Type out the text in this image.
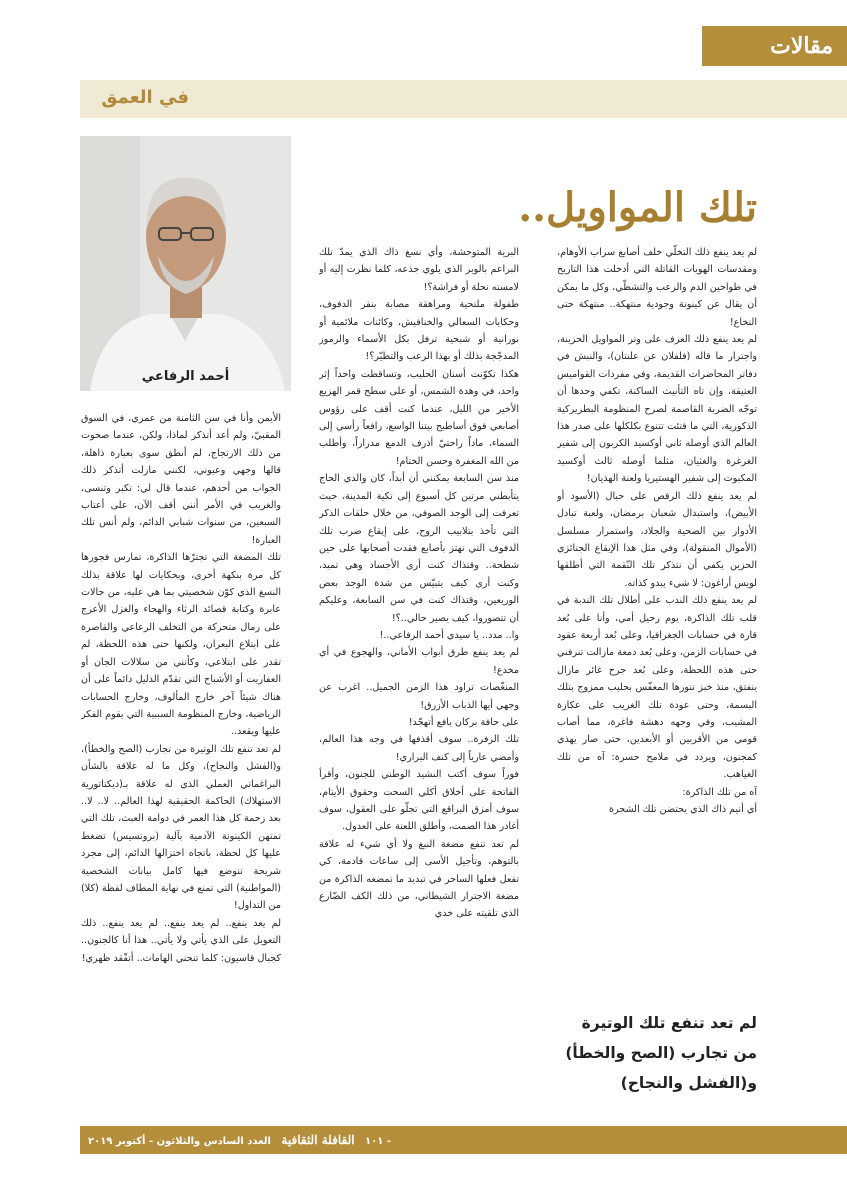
مقالات
في العمق
أحمد الرفاعي
تلك المواويل..

لم يعد ينفع ذلك التخلّي خلف أصابع سراب الأوهام، ومقدسات الهويات القاتلة التي أدخلت هذا التاريخ في طواحين الدم والرعب والتشظّي، وكل ما يمكن أن يقال عن كينونة وجودية منتهكة.. منتهكة حتى النخاع!

لم يعد ينفع ذلك العزف على وتر المواويل الحزينة، واجترار ما قاله (فلفلان عن علنتان)، والنبش في دفاتر المحاضرات القديمة، وفي مفردات القواميس العتيقة، وإن تاه التأنيث الساكنة، تكفي وحدها أن توجّه الضربة القاصمة لصرح المنظومة البطريركية الذكورية، التي ما فتئت تتنوع بكلكلها على صدر هذا العالم الذي أوصله ثاني أوكسيد الكربون إلى شفير الغرغرة والغثيان، مثلما أوصله ثالث أوكسيد المكبوت إلى شفير الهستيريا ولعنة الهذيان!

لم يعد ينفع ذلك الرقص على حبال (الأسود أو الأبيض)، واستبدال شعبان برمضان، ولعبة تبادل الأدوار بين الضحية والجلاد، واستمرار مسلسل (الأموال المنقولة)، وفي مثل هذا الإيقاع الجنائزي الحزين يكفي أن نتذكر تلك النّقمة التي أطلقها لويس أراغون: لا شيء يبدو كذاته.

لم يعد ينفع ذلك الندب على أطلال تلك الندبة في قلب تلك الذاكرة، يوم رحيل أمي، وأنا على بُعد قارة في حسابات الجغرافيا، وعلى بُعد أربعة عقود في حسابات الزمن، وعلى بُعد دمعة مازالت تنرفني حتى هذه اللحظة، وعلى بُعد جرح غائر مازال ينفتق، منذ خبز تنورها المعفّس بحليب ممزوج بتلك البسمة، وحتى عودة تلك الغريب على عكازة المشيب، وفي وجهه دهشة فاغرة، مما أصاب قومي من الأقربين أو الأبعدين، حتى صار يهذي كمجنون، ويردد في ملامح حسرة: آه من تلك الغياهب.

آه من تلك الذاكرة:

أي أنيم ذاك الذي يحتضن تلك الشجرة

البرية المتوحشة، وأي نسغ ذاك الذي يمدّ تلك البراعم بالوبر الذي يلوي جذعه، كلما نظرت إليه أو لامسته نحلة أو فراشة؟!

طفولة ملتحية ومراهقة مصابة بنقر الدفوف، وحكايات السعالي والخنافيش، وكائنات ملائمية أو نورانية أو شبحية ترفل بكل الأسماء والرموز المدجّجة بذلك أو بهذا الرعب والتطيّر؟!

هكذا تكوّنت أسنان الحليب، وتساقطت واحداً إثر واحد، في وهدة الشمس، أو على سطح قمر الهزيع الأخير من الليل، عندما كنت أقف على رؤوس أصابعي فوق أساطيح بيتنا الواسع، رافعاً رأسي إلى السماء، ماداً راحتيّ أذرف الدمع مدراراً، وأطلب من الله المغفرة وحسن الختام!

منذ سن السابعة يمكنني أن أبداً، كان والدي الحاج يتأبطني مرتين كل أسبوع إلى تكية المدينة، حيث تعرفت إلى الوجد الصوفي، من خلال حلقات الذكر التي تأخذ بتلابيب الروح، على إيقاع ضرب تلك الدفوف التي تهتز بأصابع فقدت أصحابها على حين شطحة.. وقتذاك كنت أرى الأجساد وهي تميد، وكنت أرى كيف يتبيّس من شدة الوجد بعض الوريعين، وقتذاك كنت في سن السابعة، وعليكم أن تتصوروا، كيف يصير حالي..؟!

وا.. مدد.. يا سيدي أحمد الرفاعي..!

لم يعد ينفع طرق أبواب الأماني، والهجوع في أي مخدع!

المنغّصات تراود هذا الزمن الجميل.. اغرب عن وجهي أيها الذباب الأزرق!

على حافة بركان يافع أتهجّد!

تلك الزفرة.. سوف أقذفها في وجه هذا العالم، وأمضي عارياً إلى كنف البراري!

فوراً سوف أكتب النشيد الوطني للجنون، وأقرأ الفاتحة على أخلاق أكلي السحت وحقوق الأيتام، سوف أمزق البراقع التي تجلّو على العقول، سوف أغادر هذا الصمت، وأطلق اللعنة على العدول.

لم تعد تنفع مضغة النبغ ولا أي شيء له علاقة بالتوهم، وتأجيل الأسى إلى ساعات قادمة، كي تفعل فعلها الساحر في تبديد ما تمضغه الذاكرة من مضغة الاجترار الشيطاني، من ذلك الكف الضّارع الذي تلقيته على خدي

الأيمن وأنا في سن الثامنة من عمري، في السوق المقبيّ، ولم أعد أتذكر لماذا، ولكن، عندما صحوت من ذلك الارتجاج، لم أنطق سوى بعبارة ذاهلة، قالها وجهي وعيوني، لكنني مازلت أتذكر ذلك الجواب من أحدهم، عندما قال لي: تكبر وتنسى، والغريب في الأمر أنني أقف الآن، على أعتاب السبعين، من سنوات شبابي الدائم، ولم أنس تلك العبارة!

تلك المضغة التي تجترّها الذاكرة، تمارس فجورها كل مرة بنكهة أخرى، وبحكايات لها علاقة بذلك النسغ الذي كوّن شخصيتي بما هي عليه، من حالات عابرة وكتابة قصائد الرثاء والهجاء والغزل الأعرج على رمال متحركة من التخلف الرعاعي والقاصرة على ابتلاع البعران، ولكنها حتى هذه اللحظة، لم تقدر على ابتلاعي، وكأنني من سلالات الجان أو العفاريت أو الأشباح التي تقدّم الدليل دائماً على أن هناك شيئاً آخر خارج المألوف، وخارج الحسابات الرياضية، وخارج المنظومة السببية التي يقوم الفكر عليها ويقعد..

لم تعد تنفع تلك الوتيرة من تجارب (الصح والخطأ)، و(الفشل والنجاح)، وكل ما له علاقة بالشأن البراغماتي العملي الذي له علاقة بـ(ديكتاتورية الاستهلاك) الحاكمة الحقيقية لهذا العالم.. لا.. لا.. بعد زحمة كل هذا العمر في دوامة العبث، تلك التي تمتهن الكينونة الآدمية بآلية (بروتسيس) تضغط عليها كل لحظة، باتجاه اختزالها الدائم، إلى مجرد شريحة تنوضع فيها كامل بيانات الشخصية (المواطنية) التي تمنع في نهاية المطاف لفظة (كلا) من التداول!

لم يعد ينفع.. لم يعد ينفع.. لم يعد ينفع.. ذلك التعويل على الذي يأتي ولا يأتي.. هذا أنا كالجنون.. كجبال قاسيون: كلما تنحني الهامات.. أتقّقد ظهري!

لم تعد تنفع تلك الوتيرة
من تجارب (الصح والخطأ)
و(الفشل والنجاح)
١٠١   القافلة الثقافية   العدد السادس والثلاثون - أكتوبر ٢٠١٩ -
